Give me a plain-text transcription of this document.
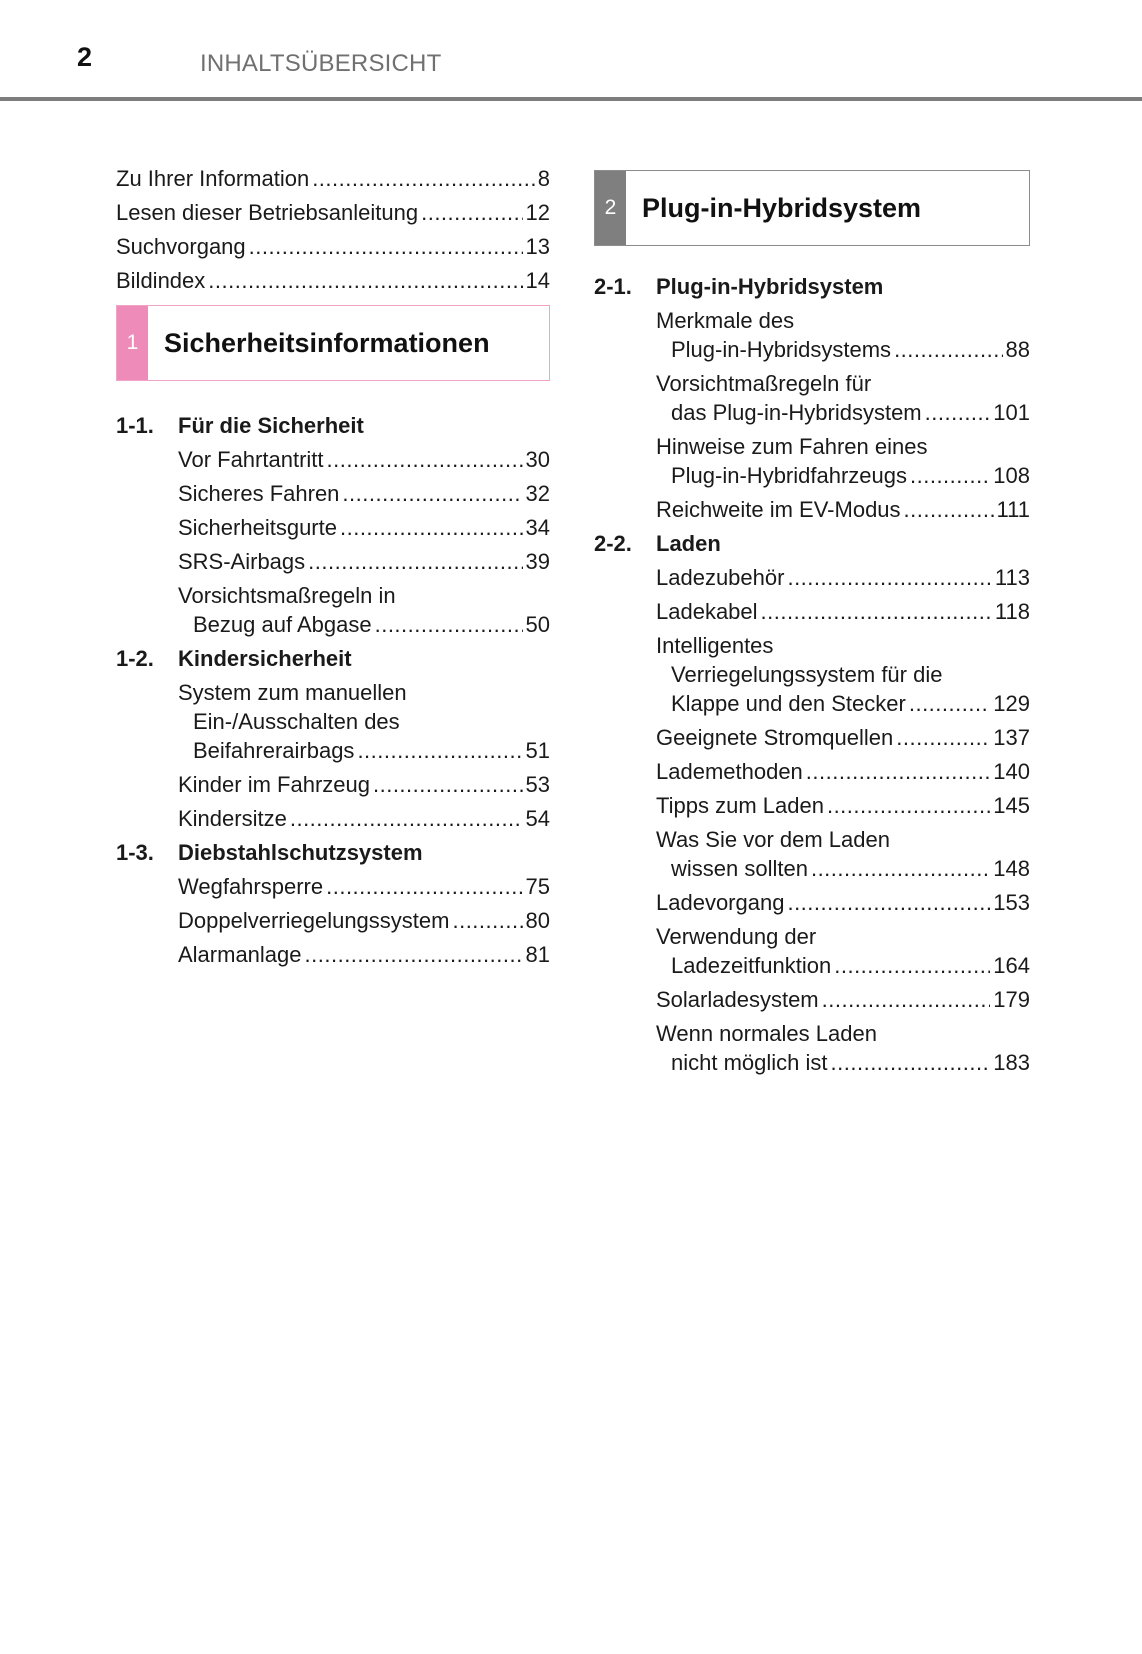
2	INHALTSÜBERSICHT
Zu Ihrer Information .....	8
Lesen dieser Betriebsanleitung .....	12
Suchvorgang .....	13
Bildindex .....	14
1 Sicherheitsinformationen
1-1.	Für die Sicherheit
Vor Fahrtantritt .....	30
Sicheres Fahren .....	32
Sicherheitsgurte .....	34
SRS-Airbags .....	39
Vorsichtsmaßregeln in
Bezug auf Abgase .....	50
1-2.	Kindersicherheit
System zum manuellen
Ein-/Ausschalten des
Beifahrerairbags .....	51
Kinder im Fahrzeug .....	53
Kindersitze .....	54
1-3.	Diebstahlschutzsystem
Wegfahrsperre .....	75
Doppelverriegelungssystem .....	80
Alarmanlage .....	81
2 Plug-in-Hybridsystem
2-1.	Plug-in-Hybridsystem
Merkmale des
Plug-in-Hybridsystems .....	88
Vorsichtmaßregeln für
das Plug-in-Hybridsystem .....	101
Hinweise zum Fahren eines
Plug-in-Hybridfahrzeugs .....	108
Reichweite im EV-Modus .....	111
2-2.	Laden
Ladezubehör .....	113
Ladekabel .....	118
Intelligentes
Verriegelungssystem für die
Klappe und den Stecker .....	129
Geeignete Stromquellen .....	137
Lademethoden .....	140
Tipps zum Laden .....	145
Was Sie vor dem Laden
wissen sollten .....	148
Ladevorgang .....	153
Verwendung der
Ladezeitfunktion .....	164
Solarladesystem .....	179
Wenn normales Laden
nicht möglich ist .....	183
